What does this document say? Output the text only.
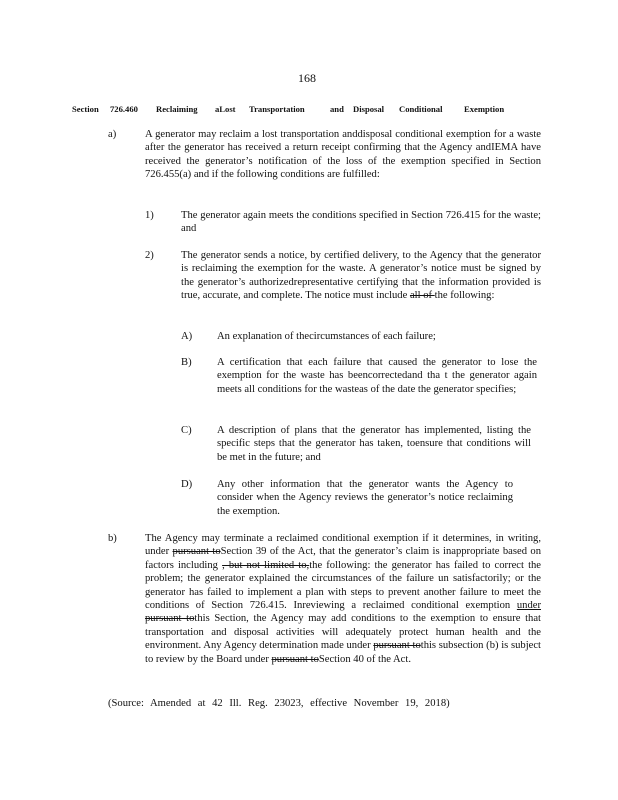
168
Section 726.460 Reclaiming aLost Transportation	and Disposal Conditional	Exemption
a)	A generator may reclaim a lost transportation anddisposal conditional exemption for a waste after the generator has received a return receipt confirming that the Agency andIEMA have received the generator’s notification of the loss of the exemption specified in Section 726.455(a) and if the following conditions are fulfilled:
1)	The generator again meets the conditions specified in Section 726.415 for the waste; and
2)	The generator sends a notice, by certified delivery, to the Agency that the generator is reclaiming the exemption for the waste. A generator’s notice must be signed by the generator’s authorizedrepresentative certifying that the information provided is true, accurate, and complete. The notice must include all of the following:
A) An explanation of thecircumstances of each failure;
B) A certification that each failure that caused the generator to lose the exemption for the waste has beencorrectedand tha t the generator again meets all conditions for the wasteas of the date the generator specifies;
C) A description of plans that the generator has implemented, listing the specific steps that the generator has taken, toensure that conditions will be met in the future; and
D) Any other information that the generator wants the Agency to consider when the Agency reviews the generator’s notice reclaiming the exemption.
b)	The Agency may terminate a reclaimed conditional exemption if it determines, in writing, under pursuant toSection 39 of the Act, that the generator’s claim is inappropriate based on factors including , but not limited to,the following: the generator has failed to correct the problem; the generator explained the circumstances of the failure un satisfactorily; or the generator has failed to implement a plan with steps to prevent another failure to meet the conditions of Section 726.415. Inreviewing a reclaimed conditional exemption under pursuant tothis Section, the Agency may add conditions to the exemption to ensure that transportation and disposal activities will adequately protect human health and the environment. Any Agency determination made under pursuant tothis subsection (b) is subject to review by the Board under pursuant toSection 40 of the Act.
(Source: Amended at 42 Ill. Reg. 23023, effective November 19, 2018)
